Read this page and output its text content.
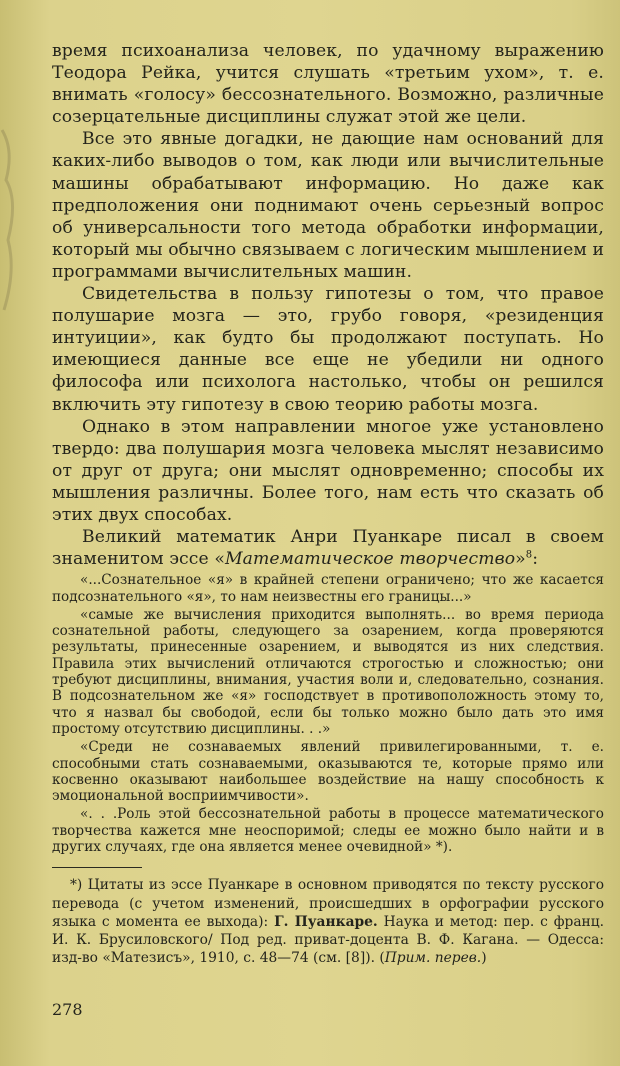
время психоанализа человек, по удачному выражению Теодора Рейка, учится слушать «третьим ухом», т. е. внимать «голосу» бессознательного. Возможно, различные созерцательные дисциплины служат этой же цели.

Все это явные догадки, не дающие нам оснований для каких-либо выводов о том, как люди или вычислительные машины обрабатывают информацию. Но даже как предположения они поднимают очень серьезный вопрос об универсальности того метода обработки информации, который мы обычно связываем с логическим мышлением и программами вычислительных машин.

Свидетельства в пользу гипотезы о том, что правое полушарие мозга — это, грубо говоря, «резиденция интуиции», как будто бы продолжают поступать. Но имеющиеся данные все еще не убедили ни одного философа или психолога настолько, чтобы он решился включить эту гипотезу в свою теорию работы мозга.

Однако в этом направлении многое уже установлено твердо: два полушария мозга человека мыслят независимо от друг от друга; они мыслят одновременно; способы их мышления различны. Более того, нам есть что сказать об этих двух способах.

Великий математик Анри Пуанкаре писал в своем знаменитом эссе «Математическое творчество»$^8$:

«...Сознательное «я» в крайней степени ограничено; что же касается подсознательного «я», то нам неизвестны его границы...»

«самые же вычисления приходится выполнять... во время периода сознательной работы, следующего за озарением, когда проверяются результаты, принесенные озарением, и выводятся из них следствия. Правила этих вычислений отличаются строгостью и сложностью; они требуют дисциплины, внимания, участия воли и, следовательно, сознания. В подсознательном же «я» господствует в противоположность этому то, что я назвал бы свободой, если бы только можно было дать это имя простому отсутствию дисциплины. . .»

«Среди не сознаваемых явлений привилегированными, т. е. способными стать сознаваемыми, оказываются те, которые прямо или косвенно оказывают наибольшее воздействие на нашу способность к эмоциональной восприимчивости».

«. . .Роль этой бессознательной работы в процессе математического творчества кажется мне неоспоримой; следы ее можно было найти и в других случаях, где она является менее очевидной» *).

*) Цитаты из эссе Пуанкаре в основном приводятся по тексту русского перевода (с учетом изменений, происшедших в орфографии русского языка с момента ее выхода): Г. Пуанкаре. Наука и метод: пер. с франц. И. К. Брусиловского/ Под ред. приват-доцента В. Ф. Кагана. — Одесса: изд-во «Матезисъ», 1910, с. 48—74 (см. [8]). (Прим. перев.)

278
